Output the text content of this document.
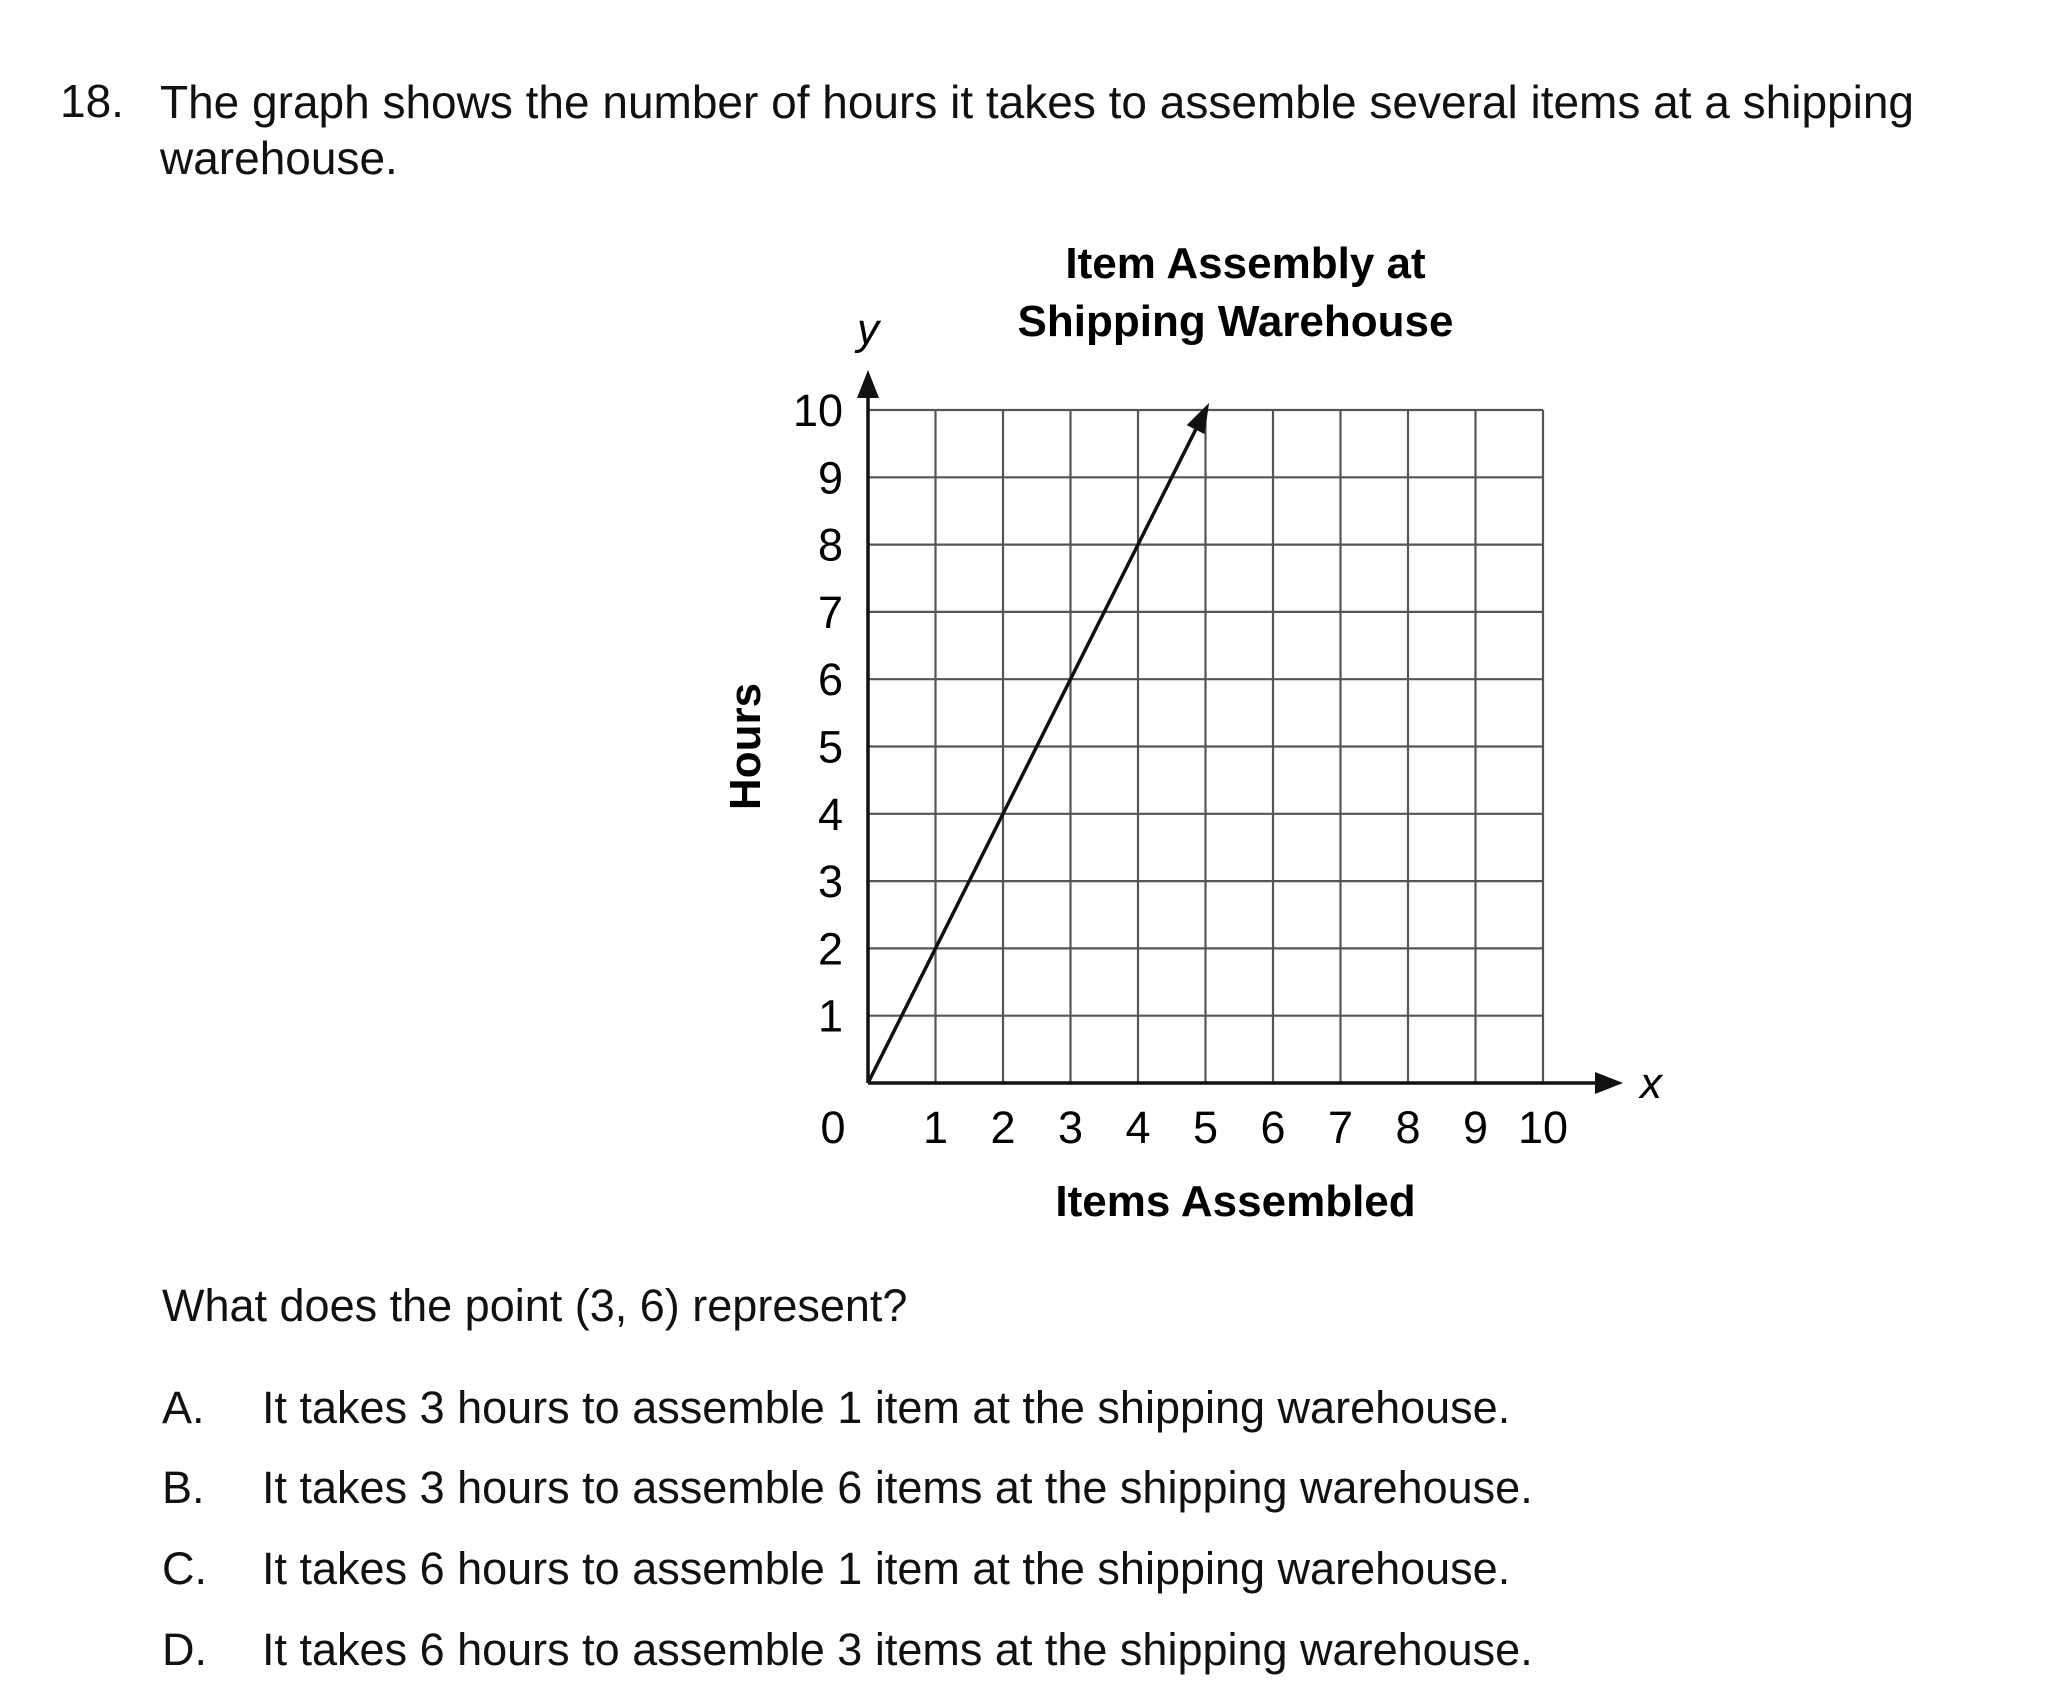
18. The graph shows the number of hours it takes to assemble several items at a shipping warehouse.
x
y
1 2 3 4 5 6 7 8 9 10
1
2
3
4
5
6
7
8
9
10
0
Item Assembly at
Shipping Warehouse
Items Assembled
Hours
What does the point (3, 6) represent?
A. It takes 3 hours to assemble 1 item at the shipping warehouse.
B. It takes 3 hours to assemble 6 items at the shipping warehouse.
C. It takes 6 hours to assemble 1 item at the shipping warehouse.
D. It takes 6 hours to assemble 3 items at the shipping warehouse.
